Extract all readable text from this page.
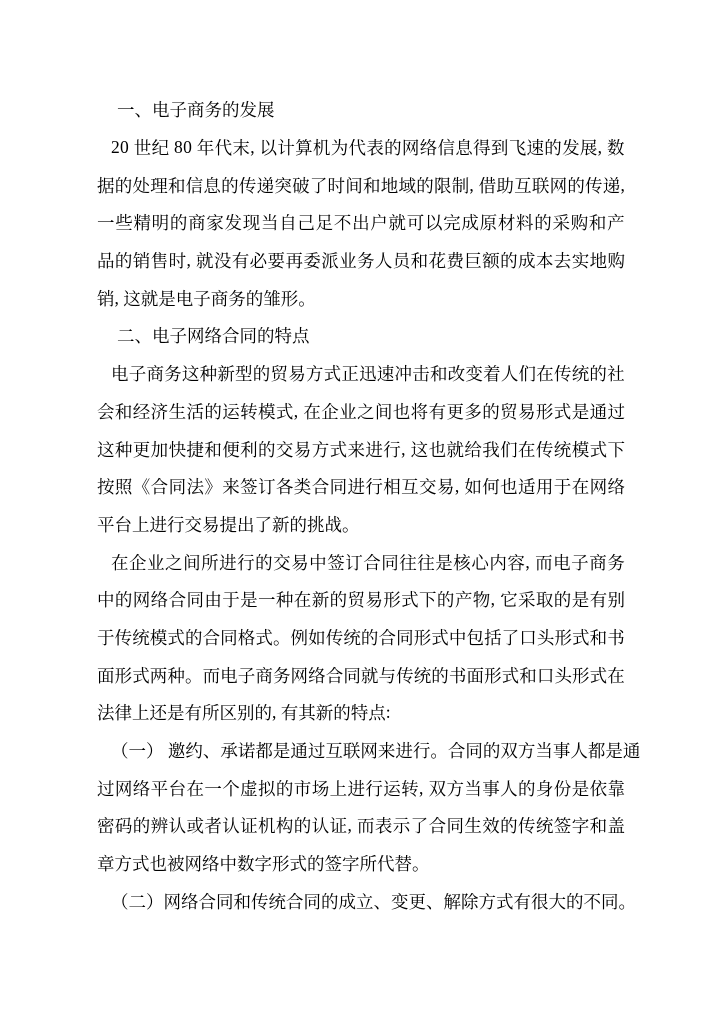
一 、 电 子 商 务 的 发 展
2 0
世 纪
8 0
年 代 末 ,
以 计 算 机 为 代 表 的 网 络 信 息 得 到 飞 速 的 发 展 ,
数
据 的 处 理 和 信 息 的 传 递 突 破 了 时 间 和 地 域 的 限 制 ,
借 助 互 联 网 的 传 递 ,
一 些 精 明 的 商 家 发 现 当 自 己 足 不 出 户 就 可 以 完 成 原 材 料 的 采 购 和 产
品 的 销 售 时 ,
就 没 有 必 要 再 委 派 业 务 人 员 和 花 费 巨 额 的 成 本 去 实 地 购
销 ,
这 就 是 电 子 商 务 的 雏 形 。
二 、 电 子 网 络 合 同 的 特 点
电 子 商 务 这 种 新 型 的 贸 易 方 式 正 迅 速 冲 击 和 改 变 着 人 们 在 传 统 的 社
会 和 经 济 生 活 的 运 转 模 式 ,
在 企 业 之 间 也 将 有 更 多 的 贸 易 形 式 是 通 过
这 种 更 加 快 捷 和 便 利 的 交 易 方 式 来 进 行 ,
这 也 就 给 我 们 在 传 统 模 式 下
按 照 《 合 同 法 》 来 签 订 各 类 合 同 进 行 相 互 交 易 ,
如 何 也 适 用 于 在 网 络
平 台 上 进 行 交 易 提 出 了 新 的 挑 战 。
在 企 业 之 间 所 进 行 的 交 易 中 签 订 合 同 往 往 是 核 心 内 容 ,
而 电 子 商 务
中 的 网 络 合 同 由 于 是 一 种 在 新 的 贸 易 形 式 下 的 产 物 ,
它 采 取 的 是 有 别
于 传 统 模 式 的 合 同 格 式 。 例 如 传 统 的 合 同 形 式 中 包 括 了 口 头 形 式 和 书
面 形 式 两 种 。 而 电 子 商 务 网 络 合 同 就 与 传 统 的 书 面 形 式 和 口 头 形 式 在
法 律 上 还 是 有 所 区 别 的 ,
有 其 新 的 特 点 :
（ 一 ）
邀 约 、 承 诺 都 是 通 过 互 联 网 来 进 行 。 合 同 的 双 方 当 事 人 都 是 通
过 网 络 平 台 在 一 个 虚 拟 的 市 场 上 进 行 运 转 ,
双 方 当 事 人 的 身 份 是 依 靠
密 码 的 辨 认 或 者 认 证 机 构 的 认 证 ,
而 表 示 了 合 同 生 效 的 传 统 签 字 和 盖
章 方 式 也 被 网 络 中 数 字 形 式 的 签 字 所 代 替 。
（ 二 ） 网 络 合 同 和 传 统 合 同 的 成 立 、 变 更 、 解 除 方 式 有 很 大 的 不 同 。
